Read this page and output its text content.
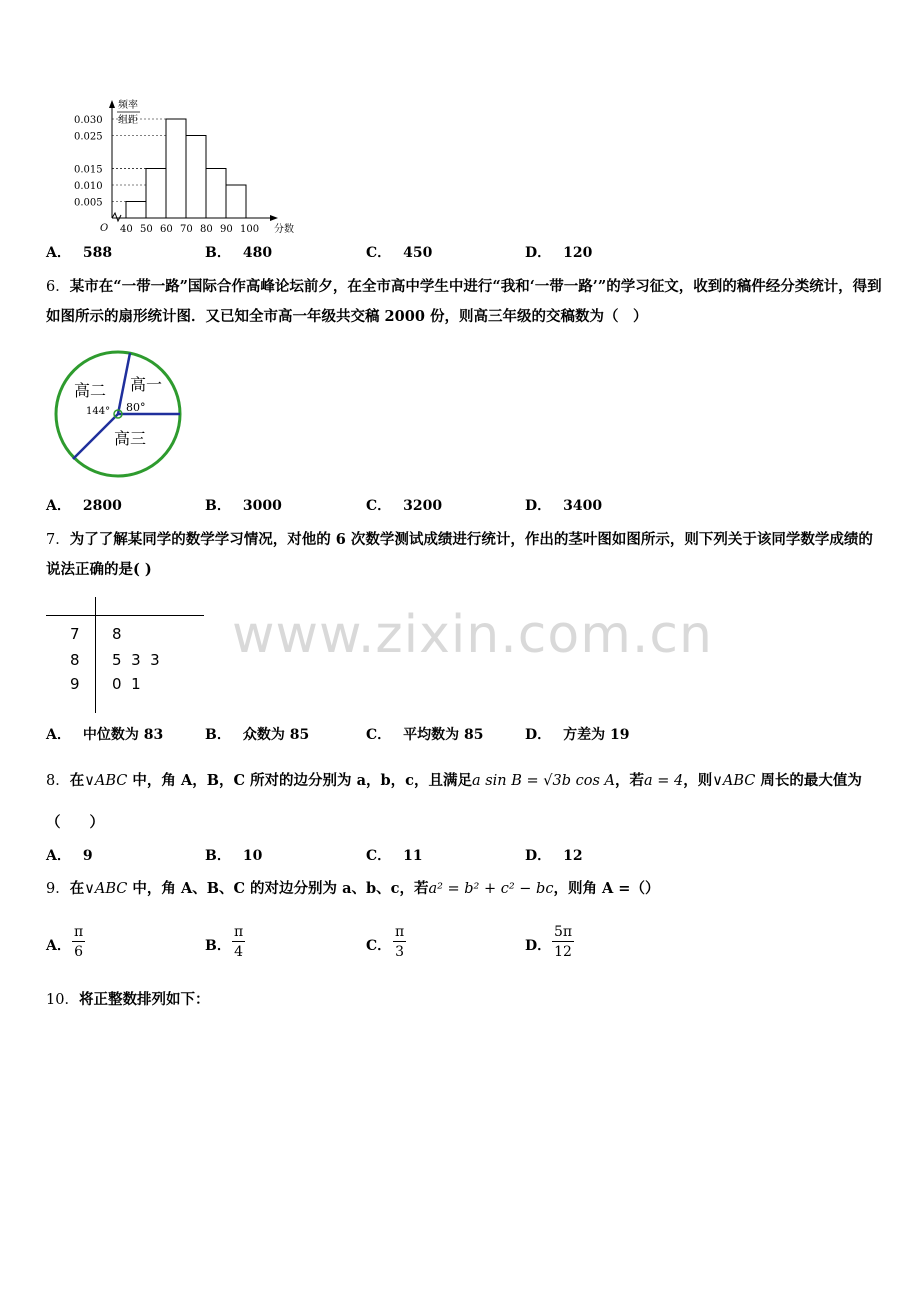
频率
组距
0.030
0.025
0.015
0.010
0.005
40 50 60 70 80 90 100 分数
O
A． 588	B． 480	C． 450	D． 120
6．某市在“一带一路”国际合作高峰论坛前夕，在全市高中学生中进行“我和‘一带一路’”的学习征文，收到的稿件经分类统计，得到如图所示的扇形统计图．又已知全市高一年级共交稿 2000 份，则高三年级的交稿数为（　）
高二 高一
高三
144° 80°
A． 2800	B． 3000	C． 3200	D． 3400
7．为了了解某同学的数学学习情况，对他的 6 次数学测试成绩进行统计，作出的茎叶图如图所示，则下列关于该同学数学成绩的说法正确的是( )
7 8
8 5  3  3
9 0  1
www.zixin.com.cn
A． 中位数为 83	B． 众数为 85	C． 平均数为 85	D． 方差为 19
8．在∨ABC 中，角 A，B，C 所对的边分别为 a，b，c，且满足a sin B = √3b cos A，若a = 4，则∨ABC 周长的最大值为（　　）
A． 9	B． 10	C． 11	D． 12
9．在∨ABC 中，角 A、B、C 的对边分别为 a、b、c，若a² = b² + c² − bc，则角 A =（）
A． $\frac{\pi}{6}$	B． $\frac{\pi}{4}$	C． $\frac{\pi}{3}$	D． $\frac{5\pi}{12}$
10．将正整数排列如下：
